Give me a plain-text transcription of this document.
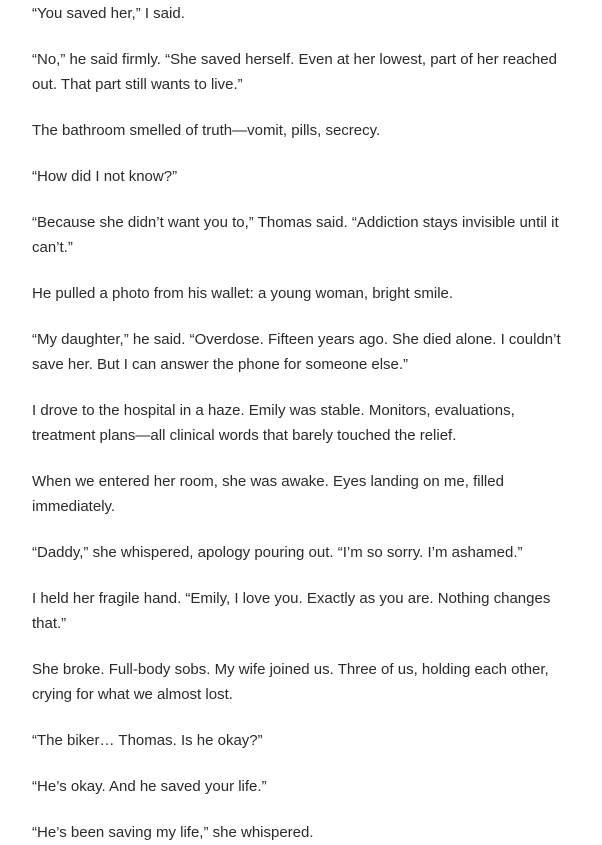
“You saved her,” I said.

“No,” he said firmly. “She saved herself. Even at her lowest, part of her reached out. That part still wants to live.”

The bathroom smelled of truth—vomit, pills, secrecy.

“How did I not know?”

“Because she didn’t want you to,” Thomas said. “Addiction stays invisible until it can’t.”

He pulled a photo from his wallet: a young woman, bright smile.

“My daughter,” he said. “Overdose. Fifteen years ago. She died alone. I couldn’t save her. But I can answer the phone for someone else.”

I drove to the hospital in a haze. Emily was stable. Monitors, evaluations, treatment plans—all clinical words that barely touched the relief.

When we entered her room, she was awake. Eyes landing on me, filled immediately.

“Daddy,” she whispered, apology pouring out. “I’m so sorry. I’m ashamed.”

I held her fragile hand. “Emily, I love you. Exactly as you are. Nothing changes that.”

She broke. Full-body sobs. My wife joined us. Three of us, holding each other, crying for what we almost lost.

“The biker… Thomas. Is he okay?”

“He’s okay. And he saved your life.”

“He’s been saving my life,” she whispered.
